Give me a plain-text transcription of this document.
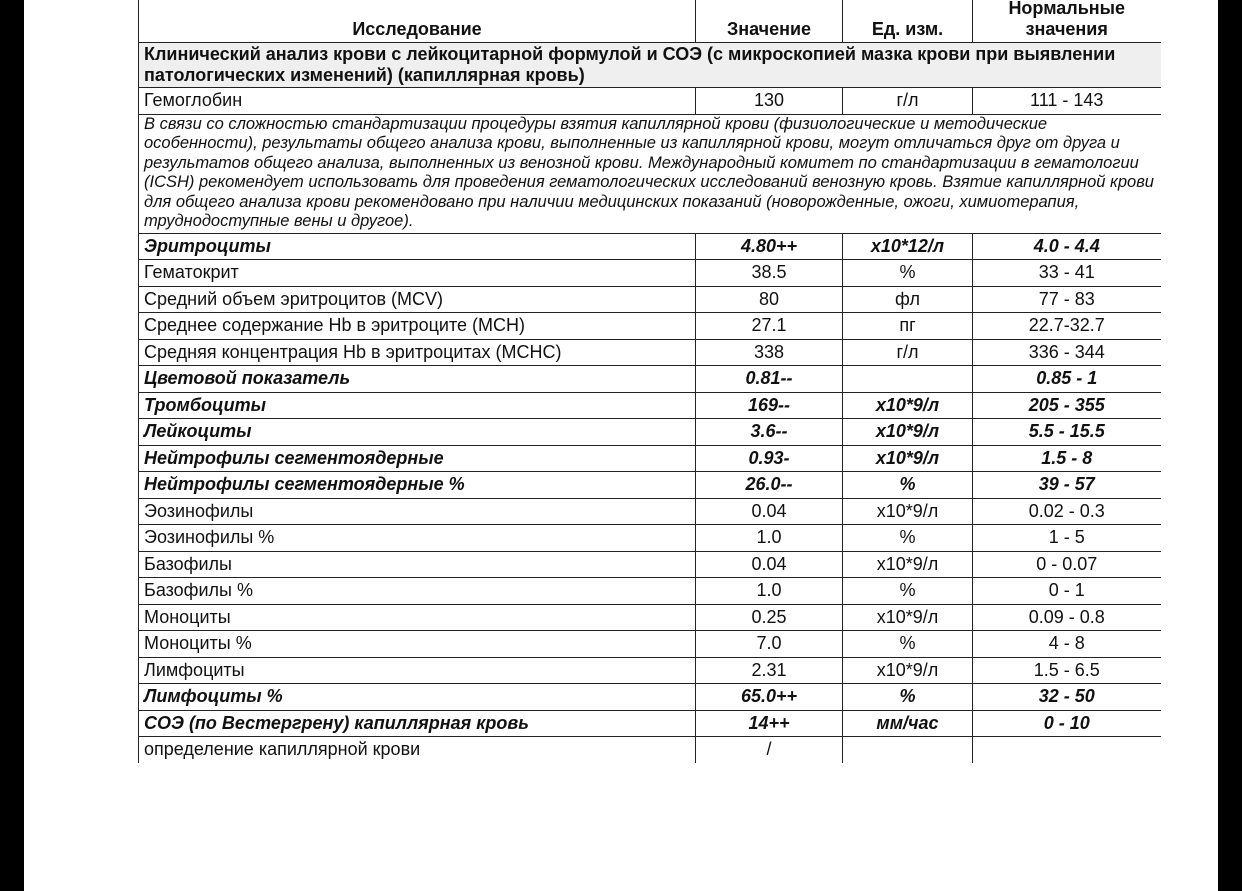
Исследование	Значение	Ед. изм.	Нормальные значения
Клинический анализ крови с лейкоцитарной формулой и СОЭ (с микроскопией мазка крови при выявлении патологических изменений) (капиллярная кровь)			
Гемоглобин	130	г/л	111 - 143
В связи со сложностью стандартизации процедуры взятия капиллярной крови (физиологические и методические особенности), результаты общего анализа крови, выполненные из капиллярной крови, могут отличаться друг от друга и результатов общего анализа, выполненных из венозной крови. Международный комитет по стандартизации в гематологии (ICSH) рекомендует использовать для проведения гематологических исследований венозную кровь. Взятие капиллярной крови для общего анализа крови рекомендовано при наличии медицинских показаний (новорожденные, ожоги, химиотерапия, труднодоступные вены и другое).			
Эритроциты	4.80++	x10*12/л	4.0 - 4.4
Гематокрит	38.5	%	33 - 41
Средний объем эритроцитов (MCV)	80	фл	77 - 83
Среднее содержание Hb в эритроците (MCH)	27.1	пг	22.7-32.7
Средняя концентрация Hb в эритроцитах (MCHC)	338	г/л	336 - 344
Цветовой показатель	0.81--		0.85 - 1
Тромбоциты	169--	x10*9/л	205 - 355
Лейкоциты	3.6--	x10*9/л	5.5 - 15.5
Нейтрофилы сегментоядерные	0.93-	x10*9/л	1.5 - 8
Нейтрофилы сегментоядерные %	26.0--	%	39 - 57
Эозинофилы	0.04	x10*9/л	0.02 - 0.3
Эозинофилы %	1.0	%	1 - 5
Базофилы	0.04	x10*9/л	0 - 0.07
Базофилы %	1.0	%	0 - 1
Моноциты	0.25	x10*9/л	0.09 - 0.8
Моноциты %	7.0	%	4 - 8
Лимфоциты	2.31	x10*9/л	1.5 - 6.5
Лимфоциты %	65.0++	%	32 - 50
СОЭ (по Вестергрену) капиллярная кровь	14++	мм/час	0 - 10
определение капиллярной крови	/		
